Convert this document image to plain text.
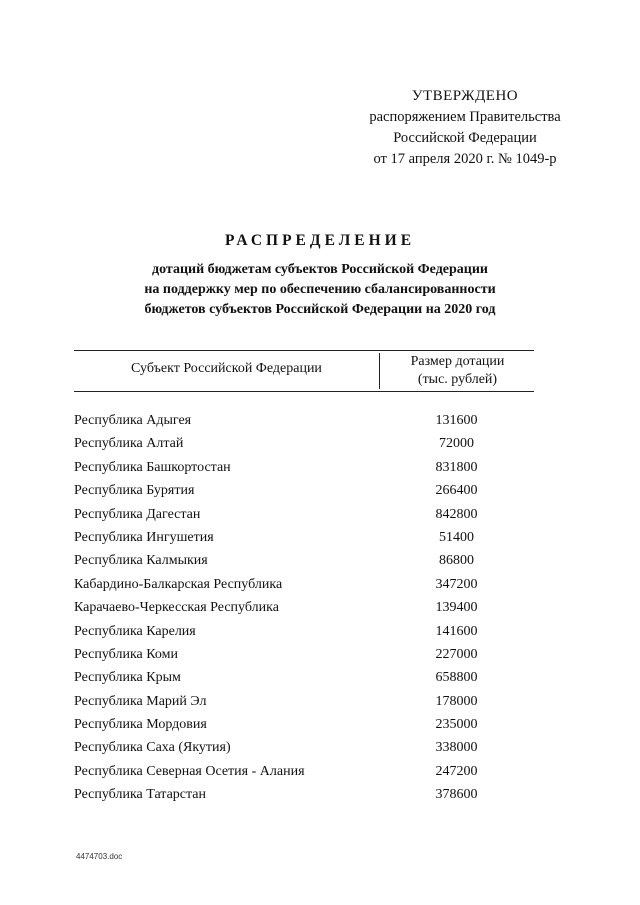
УТВЕРЖДЕНО
распоряжением Правительства
Российской Федерации
от 17 апреля 2020 г. № 1049-р
РАСПРЕДЕЛЕНИЕ
дотаций бюджетам субъектов Российской Федерации
на поддержку мер по обеспечению сбалансированности
бюджетов субъектов Российской Федерации на 2020 год
Субъект Российской Федерации	Размер дотации
(тыс. рублей)
Республика Адыгея	131600
Республика Алтай	72000
Республика Башкортостан	831800
Республика Бурятия	266400
Республика Дагестан	842800
Республика Ингушетия	51400
Республика Калмыкия	86800
Кабардино-Балкарская Республика	347200
Карачаево-Черкесская Республика	139400
Республика Карелия	141600
Республика Коми	227000
Республика Крым	658800
Республика Марий Эл	178000
Республика Мордовия	235000
Республика Саха (Якутия)	338000
Республика Северная Осетия - Алания	247200
Республика Татарстан	378600
4474703.doc
